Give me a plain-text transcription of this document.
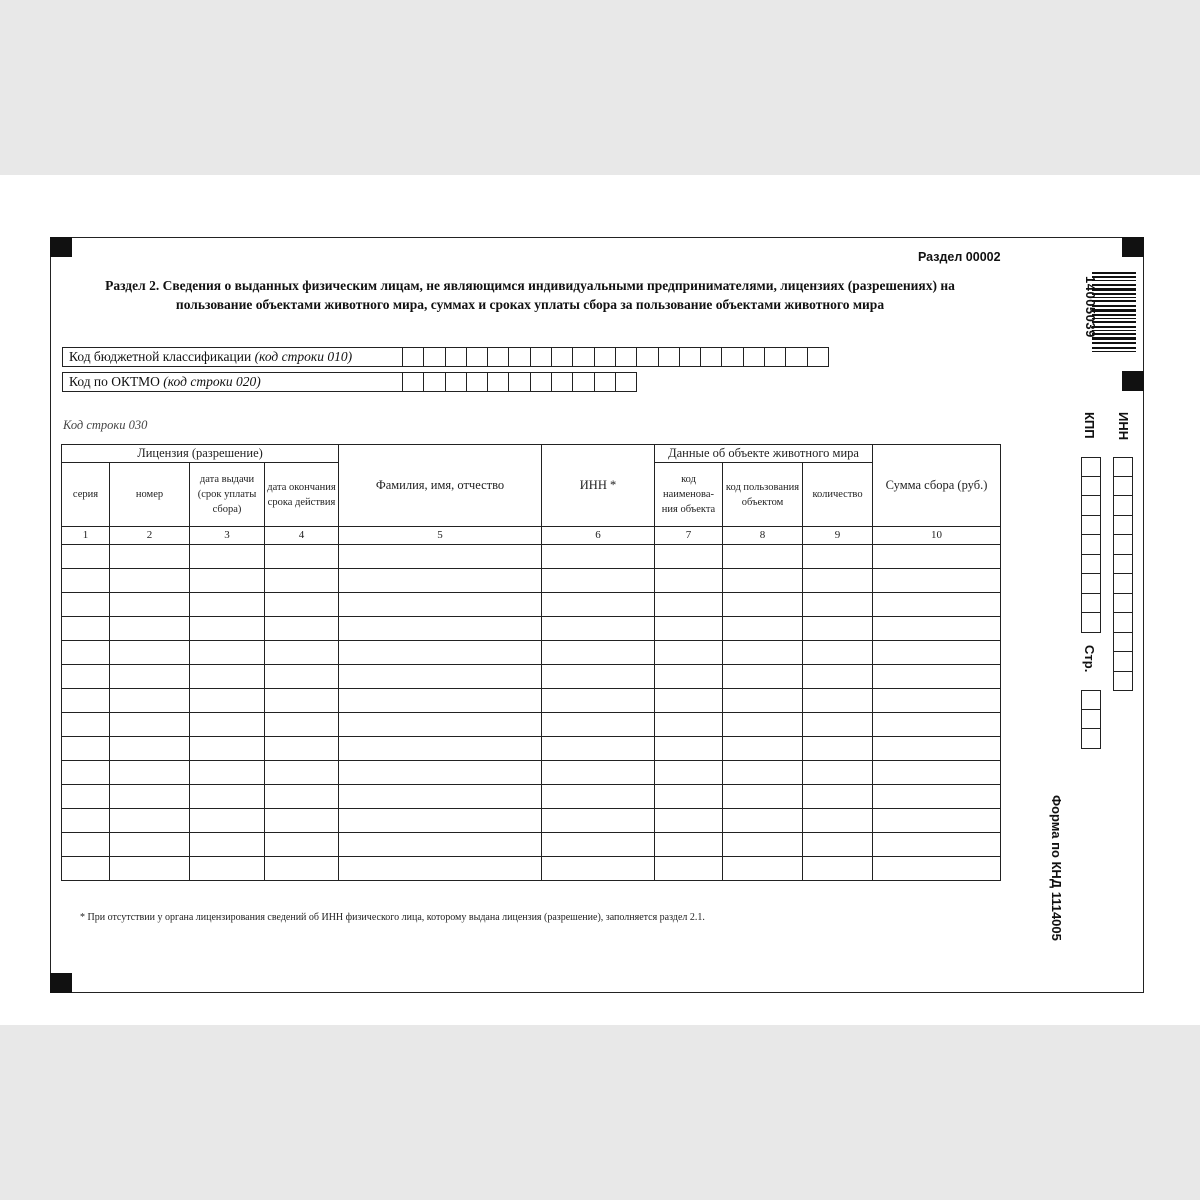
Раздел 00002
Раздел 2. Сведения о выданных физическим лицам, не являющимся индивидуальными предпринимателями, лицензиях (разрешениях) на пользование объектами животного мира, суммах и сроках уплаты сбора за пользование объектами животного мира
Код бюджетной классификации (код строки 010)
Код по ОКТМО (код строки 020)
Код строки 030
Лицензия (разрешение)				Фамилия, имя, отчество	ИНН *	Данные об объекте животного мира			Сумма сбора (руб.)
серия	номер	дата выдачи (срок уплаты сбора)	дата окончания срока действия			код наименова-ния объекта	код пользования объектом	количество	
1	2	3	4	5	6	7	8	9	10

* При отсутствии у органа лицензирования сведений об ИНН физического лица, которому выдана лицензия (разрешение), заполняется раздел 2.1.
14005039
ИНН
КПП
Стр.
Форма по КНД 1114005
